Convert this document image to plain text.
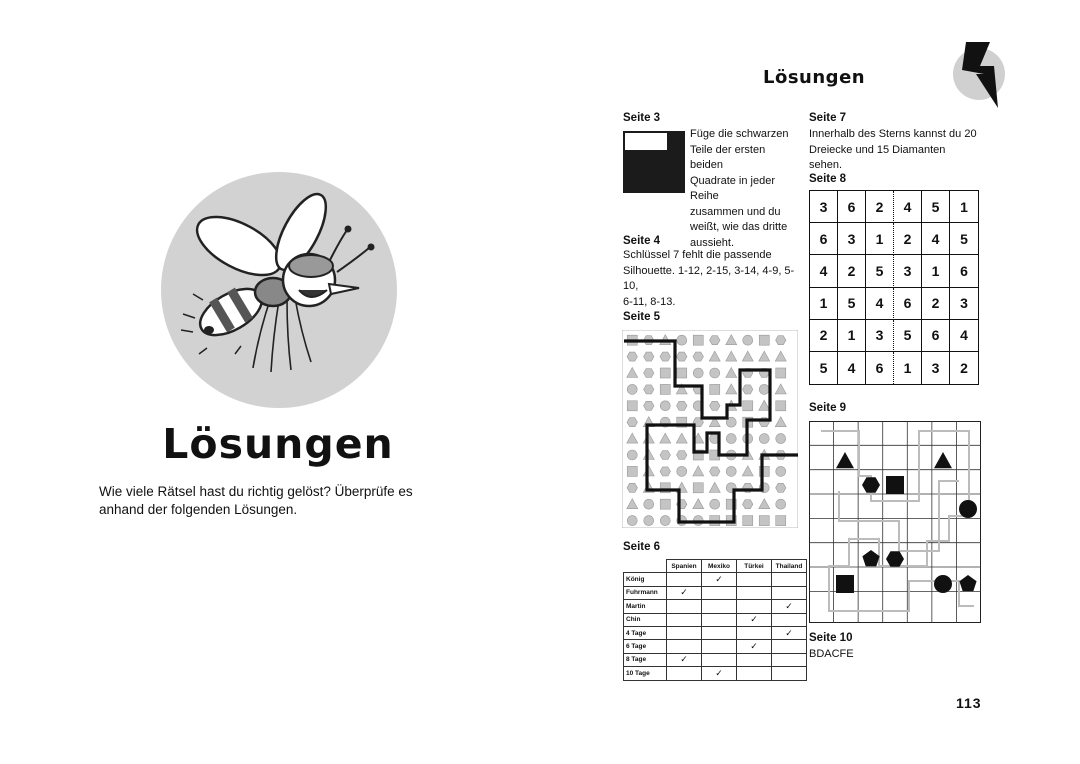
Lösungen
Wie viele Rätsel hast du richtig gelöst? Überprüfe es anhand der folgenden Lösungen.
Lösungen
Seite 3
Füge die schwarzen
Teile der ersten beiden
Quadrate in jeder Reihe
zusammen und du
weißt, wie das dritte
aussieht.
Seite 4
Schlüssel 7 fehlt die passende
Silhouette. 1-12, 2-15, 3-14, 4-9, 5-10,
6-11, 8-13.
Seite 5
Seite 6
	Spanien	Mexiko	Türkei	Thailand
König		✓		
Fuhrmann	✓			
Martin				✓
Chin			✓	
4 Tage				✓
6 Tage			✓	
8 Tage	✓			
10 Tage		✓		
Seite 7
Innerhalb des Sterns kannst du 20
Dreiecke und 15 Diamanten sehen.
Seite 8
3	6	2	4	5	1
6	3	1	2	4	5
4	2	5	3	1	6
1	5	4	6	2	3
2	1	3	5	6	4
5	4	6	1	3	2
Seite 9
Seite 10
BDACFE
113
